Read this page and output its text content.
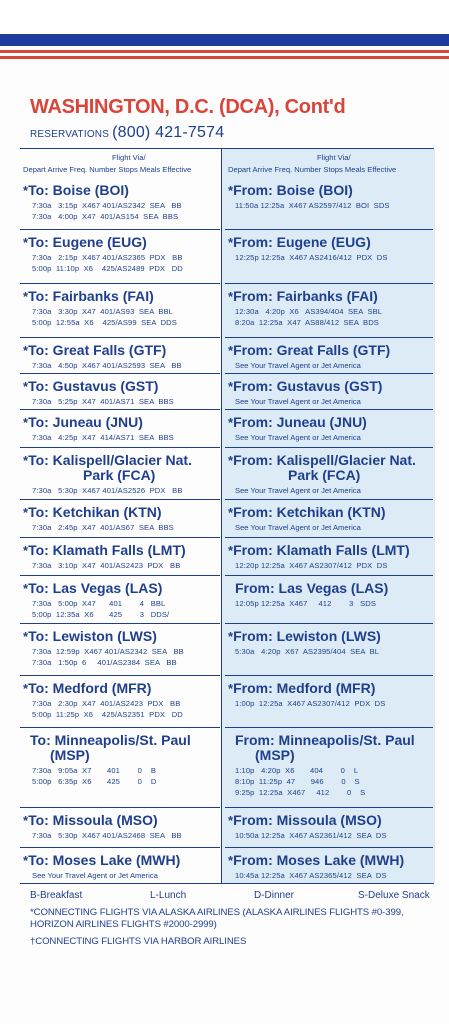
WASHINGTON, D.C. (DCA), Cont'd
RESERVATIONS (800) 421-7574
Flight Via/
Depart Arrive Freq. Number Stops Meals Effective
Flight Via/
Depart Arrive Freq. Number Stops Meals Effective
*To: Boise (BOI)
7:30a   3:15p  X467 401/AS2342  SEA   BB
7:30a   4:00p  X47  401/AS154  SEA  BBS
*From: Boise (BOI)
11:50a 12:25a  X467 AS2597/412  BOI  SDS
*To: Eugene (EUG)
7:30a   2:15p  X467 401/AS2365  PDX   BB
5:00p  11:10p  X6    425/AS2489  PDX   DD
*From: Eugene (EUG)
12:25p 12:25a  X467 AS2416/412  PDX  DS
*To: Fairbanks (FAI)
7:30a   3:30p  X47  401/AS93  SEA  BBL
5:00p  12:55a  X6    425/AS99  SEA  DDS
*From: Fairbanks (FAI)
12:30a   4:20p  X6   AS394/404  SEA  SBL
8:20a  12:25a  X47  AS88/412  SEA  BDS
*To: Great Falls (GTF)
7:30a   4:50p  X467 401/AS2593  SEA   BB
*From: Great Falls (GTF)
See Your Travel Agent or Jet America
*To: Gustavus (GST)
7:30a   5:25p  X47  401/AS71  SEA  BBS
*From: Gustavus (GST)
See Your Travel Agent or Jet America
*To: Juneau (JNU)
7:30a   4:25p  X47  414/AS71  SEA  BBS
*From: Juneau (JNU)
See Your Travel Agent or Jet America
*To: Kalispell/Glacier Nat.
Park (FCA)
7:30a   5:30p  X467 401/AS2526  PDX   BB
*From: Kalispell/Glacier Nat.
Park (FCA)
See Your Travel Agent or Jet America
*To: Ketchikan (KTN)
7:30a   2:45p  X47  401/AS67  SEA  BBS
*From: Ketchikan (KTN)
See Your Travel Agent or Jet America
*To: Klamath Falls (LMT)
7:30a   3:10p  X47  401/AS2423  PDX   BB
*From: Klamath Falls (LMT)
12:20p 12:25a  X467 AS2307/412  PDX  DS
*To: Las Vegas (LAS)
7:30a   5:00p  X47      401        4   BBL
5:00p  12:35a  X6       425        3   DDS/
From: Las Vegas (LAS)
12:05p 12:25a  X467     412        3   SDS
*To: Lewiston (LWS)
7:30a  12:59p  X467 401/AS2342  SEA   BB
7:30a   1:50p  6     401/AS2384  SEA   BB
*From: Lewiston (LWS)
5:30a   4:20p  X67  AS2395/404  SEA  BL
*To: Medford (MFR)
7:30a   2:30p  X47  401/AS2423  PDX   BB
5:00p  11:25p  X6    425/AS2351  PDX   DD
*From: Medford (MFR)
1:00p  12:25a  X467 AS2307/412  PDX  DS
To: Minneapolis/St. Paul
(MSP)
7:30a   9:05a  X7       401        0    B
5:00p   6:35p  X6       425        0    D
From: Minneapolis/St. Paul
(MSP)
1:10p   4:20p  X6       404        0    L
8:10p  11:25p  47       946        0    S
9:25p  12:25a  X467     412        0    S
*To: Missoula (MSO)
7:30a   5:30p  X467 401/AS2468  SEA   BB
*From: Missoula (MSO)
10:50a 12:25a  X467 AS2361/412  SEA  DS
*To: Moses Lake (MWH)
See Your Travel Agent or Jet America
*From: Moses Lake (MWH)
10:45a 12:25a  X467 AS2365/412  SEA  DS
B-Breakfast	L-Lunch	D-Dinner	S-Deluxe Snack
*CONNECTING FLIGHTS VIA ALASKA AIRLINES (ALASKA AIRLINES FLIGHTS #0-399,
HORIZON AIRLINES FLIGHTS #2000-2999)
†CONNECTING FLIGHTS VIA HARBOR AIRLINES
